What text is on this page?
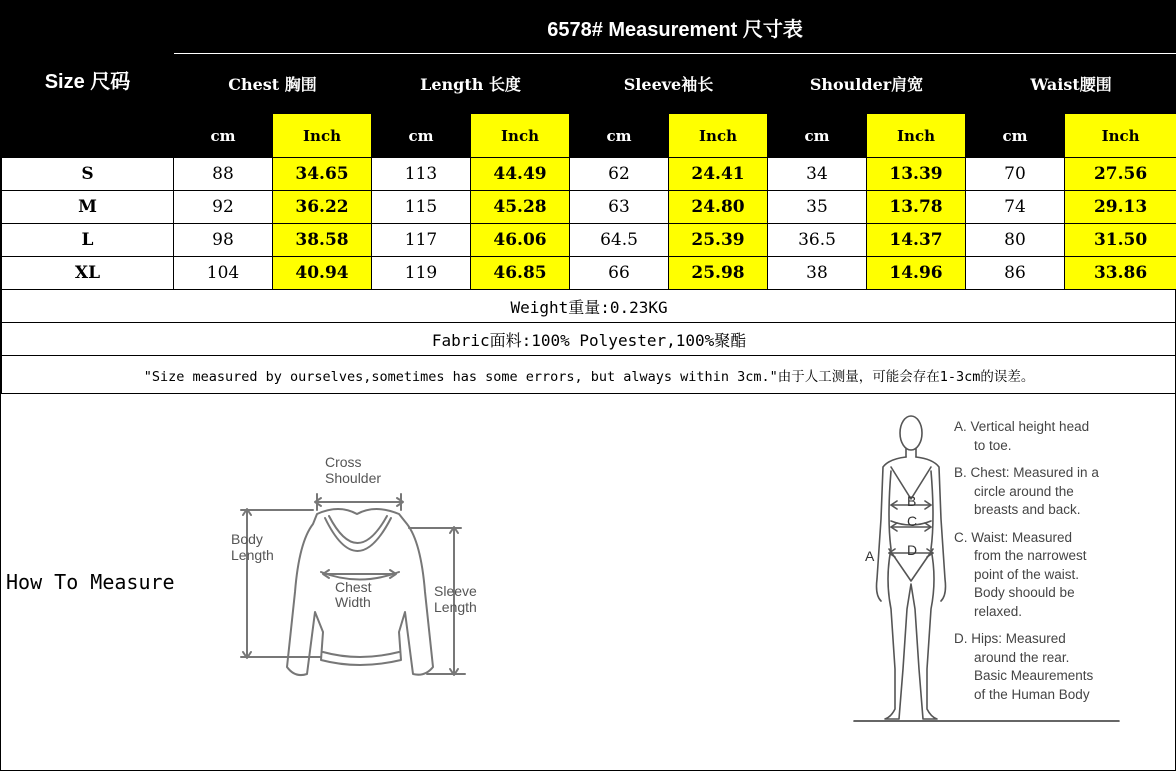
Size 尺码	6578# Measurement 尺寸表									
	Chest 胸围		Length 长度		Sleeve袖长		Shoulder肩宽		Waist腰围	
	cm	Inch	cm	Inch	cm	Inch	cm	Inch	cm	Inch
S	88	34.65	113	44.49	62	24.41	34	13.39	70	27.56
M	92	36.22	115	45.28	63	24.80	35	13.78	74	29.13
L	98	38.58	117	46.06	64.5	25.39	36.5	14.37	80	31.50
XL	104	40.94	119	46.85	66	25.98	38	14.96	86	33.86
Weight重量:0.23KG										
Fabric面料:100% Polyester,100%聚酯										
"Size measured by ourselves,sometimes has some errors, but always within 3cm."由于人工测量，可能会存在1-3cm的误差。										
How To Measure
Cross
Shoulder
Body
Length
Chest
Width
Sleeve
Length
B
C
D
A

A. Vertical height head
to toe.

B. Chest: Measured in a
circle around the
breasts and back.

C. Waist: Measured
from the narrowest
point of the waist.
Body shoould be
relaxed.

D. Hips: Measured
around the rear.
Basic Meaurements
of the Human Body
